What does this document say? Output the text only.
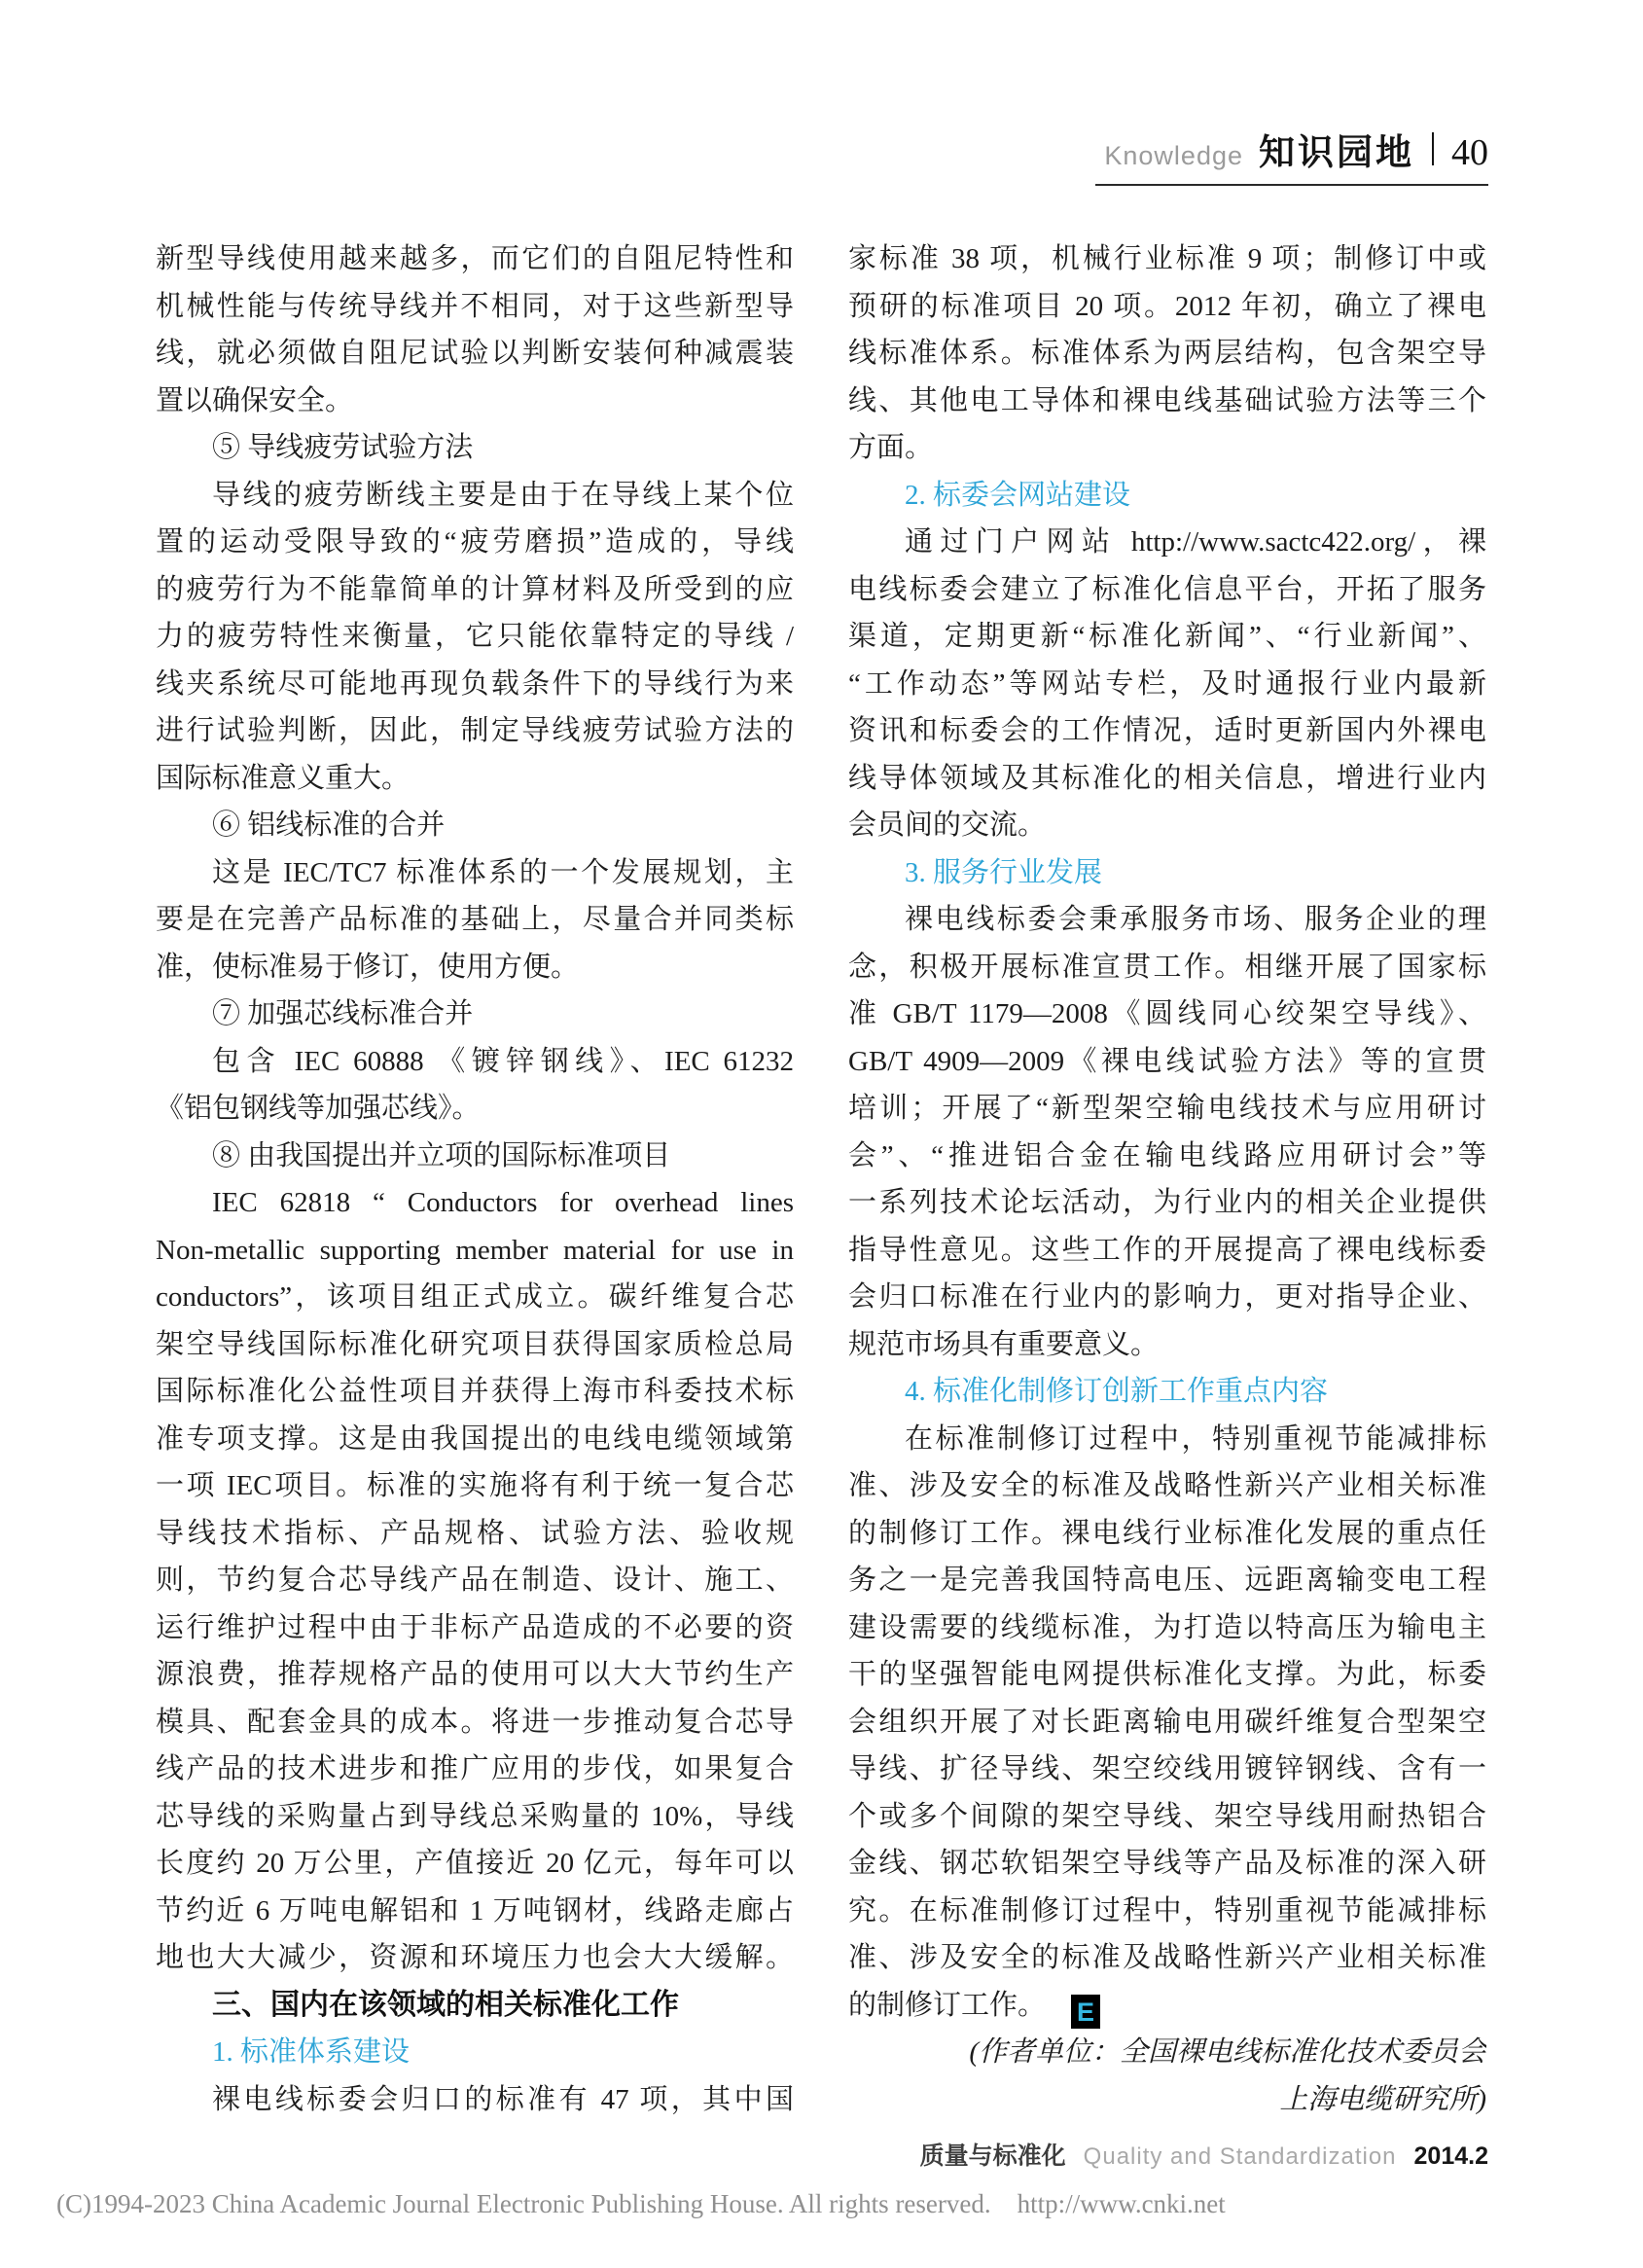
Knowledge 知识园地 40
新型导线使用越来越多，而它们的自阻尼特性和
机械性能与传统导线并不相同，对于这些新型导
线，就必须做自阻尼试验以判断安装何种减震装
置以确保安全。
⑤ 导线疲劳试验方法
导线的疲劳断线主要是由于在导线上某个位
置的运动受限导致的“疲劳磨损”造成的，导线
的疲劳行为不能靠简单的计算材料及所受到的应
力的疲劳特性来衡量，它只能依靠特定的导线 /
线夹系统尽可能地再现负载条件下的导线行为来
进行试验判断，因此，制定导线疲劳试验方法的
国际标准意义重大。
⑥ 铝线标准的合并
这是 IEC/TC7 标准体系的一个发展规划，主
要是在完善产品标准的基础上，尽量合并同类标
准，使标准易于修订，使用方便。
⑦ 加强芯线标准合并
包含 IEC 60888 《镀锌钢线》、IEC 61232
《铝包钢线等加强芯线》。
⑧ 由我国提出并立项的国际标准项目
IEC 62818 “ Conductors for overhead lines
Non-metallic supporting member material for use in
conductors”，该项目组正式成立。碳纤维复合芯
架空导线国际标准化研究项目获得国家质检总局
国际标准化公益性项目并获得上海市科委技术标
准专项支撑。这是由我国提出的电线电缆领域第
一项 IEC项目。标准的实施将有利于统一复合芯
导线技术指标、产品规格、试验方法、验收规
则，节约复合芯导线产品在制造、设计、施工、
运行维护过程中由于非标产品造成的不必要的资
源浪费，推荐规格产品的使用可以大大节约生产
模具、配套金具的成本。将进一步推动复合芯导
线产品的技术进步和推广应用的步伐，如果复合
芯导线的采购量占到导线总采购量的 10%，导线
长度约 20 万公里，产值接近 20 亿元，每年可以
节约近 6 万吨电解铝和 1 万吨钢材，线路走廊占
地也大大减少，资源和环境压力也会大大缓解。
三、国内在该领域的相关标准化工作
1. 标准体系建设
裸电线标委会归口的标准有 47 项，其中国
家标准 38 项，机械行业标准 9 项；制修订中或
预研的标准项目 20 项。2012 年初，确立了裸电
线标准体系。标准体系为两层结构，包含架空导
线、其他电工导体和裸电线基础试验方法等三个
方面。
2. 标委会网站建设
通过门户网站 http://www.sactc422.org/，裸
电线标委会建立了标准化信息平台，开拓了服务
渠道，定期更新“标准化新闻”、“行业新闻”、
“工作动态”等网站专栏，及时通报行业内最新
资讯和标委会的工作情况，适时更新国内外裸电
线导体领域及其标准化的相关信息，增进行业内
会员间的交流。
3. 服务行业发展
裸电线标委会秉承服务市场、服务企业的理
念，积极开展标准宣贯工作。相继开展了国家标
准 GB/T 1179—2008《圆线同心绞架空导线》、
GB/T 4909—2009《裸电线试验方法》等的宣贯
培训；开展了“新型架空输电线技术与应用研讨
会”、“推进铝合金在输电线路应用研讨会”等
一系列技术论坛活动，为行业内的相关企业提供
指导性意见。这些工作的开展提高了裸电线标委
会归口标准在行业内的影响力，更对指导企业、
规范市场具有重要意义。
4. 标准化制修订创新工作重点内容
在标准制修订过程中，特别重视节能减排标
准、涉及安全的标准及战略性新兴产业相关标准
的制修订工作。裸电线行业标准化发展的重点任
务之一是完善我国特高电压、远距离输变电工程
建设需要的线缆标准，为打造以特高压为输电主
干的坚强智能电网提供标准化支撑。为此，标委
会组织开展了对长距离输电用碳纤维复合型架空
导线、扩径导线、架空绞线用镀锌钢线、含有一
个或多个间隙的架空导线、架空导线用耐热铝合
金线、钢芯软铝架空导线等产品及标准的深入研
究。在标准制修订过程中，特别重视节能减排标
准、涉及安全的标准及战略性新兴产业相关标准
的制修订工作。 E
(作者单位：全国裸电线标准化技术委员会
上海电缆研究所)
质量与标准化 Quality and Standardization 2014.2
(C)1994-2023 China Academic Journal Electronic Publishing House. All rights reserved.    http://www.cnki.net
